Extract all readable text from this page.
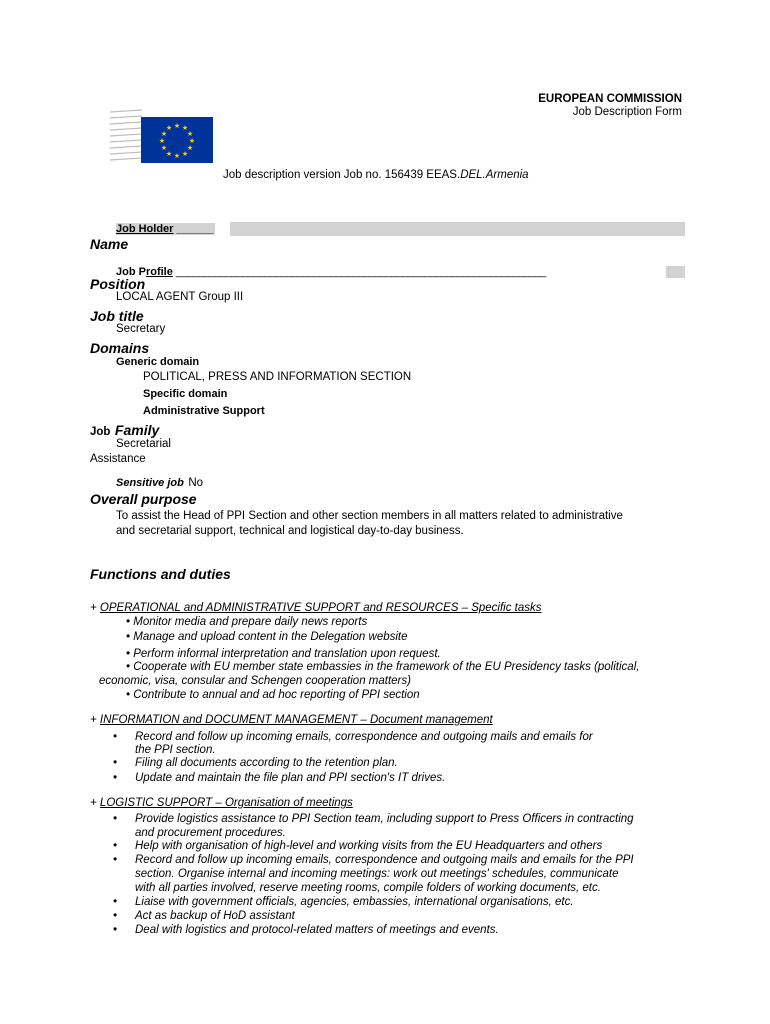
★ ★
★
★
★
★
★
★
★
★
★
★
EUROPEAN COMMISSION
Job Description Form
Job description version Job no. 156439 EEAS.DEL.Armenia
Job Holder ______
Name
Job Profile ___________________________________________________________________
Position
LOCAL AGENT Group III
Job title
Secretary
Domains
Generic domain
POLITICAL, PRESS AND INFORMATION SECTION
Specific domain
Administrative Support
Job Family
Secretarial
Assistance
Sensitive job No
Overall purpose
To assist the Head of PPI Section and other section members in all matters related to administrative
and secretarial support, technical and logistical day-to-day business.
Functions and duties
+ OPERATIONAL and ADMINISTRATIVE SUPPORT and RESOURCES – Specific tasks
• Monitor media and prepare daily news reports
• Manage and upload content in the Delegation website
• Perform informal interpretation and translation upon request.
• Cooperate with EU member state embassies in the framework of the EU Presidency tasks (political,
economic, visa, consular and Schengen cooperation matters)
• Contribute to annual and ad hoc reporting of PPI section
+ INFORMATION and DOCUMENT MANAGEMENT – Document management
• Record and follow up incoming emails, correspondence and outgoing mails and emails for
the PPI section.
• Filing all documents according to the retention plan.
• Update and maintain the file plan and PPI section's IT drives.
+ LOGISTIC SUPPORT – Organisation of meetings
• Provide logistics assistance to PPI Section team, including support to Press Officers in contracting
and procurement procedures.
• Help with organisation of high-level and working visits from the EU Headquarters and others
• Record and follow up incoming emails, correspondence and outgoing mails and emails for the PPI
section. Organise internal and incoming meetings: work out meetings' schedules, communicate
with all parties involved, reserve meeting rooms, compile folders of working documents, etc.
• Liaise with government officials, agencies, embassies, international organisations, etc.
• Act as backup of HoD assistant
• Deal with logistics and protocol-related matters of meetings and events.
